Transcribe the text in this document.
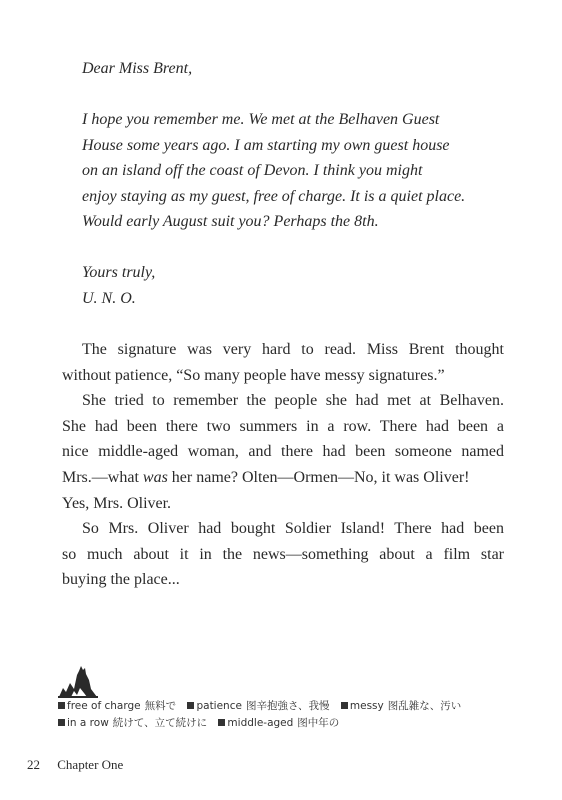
Dear Miss Brent,

I hope you remember me. We met at the Belhaven Guest
House some years ago. I am starting my own guest house
on an island off the coast of Devon. I think you might
enjoy staying as my guest, free of charge. It is a quiet place.
Would early August suit you? Perhaps the 8th.

Yours truly,

U. N. O.

The signature was very hard to read. Miss Brent thought
without patience, “So many people have messy signatures.”
She tried to remember the people she had met at Belhaven.
She had been there two summers in a row. There had been a
nice middle-aged woman, and there had been someone named
Mrs.—what was her name? Olten—Ormen—No, it was Oliver!
Yes, Mrs. Oliver.
So Mrs. Oliver had bought Soldier Island! There had been
so much about it in the news—something about a film star
buying the place...
free of charge 無料で patience 图辛抱強さ、我慢 messy 图乱雑な、汚い
in a row 続けて、立て続けに middle-aged 图中年の
22 Chapter One
